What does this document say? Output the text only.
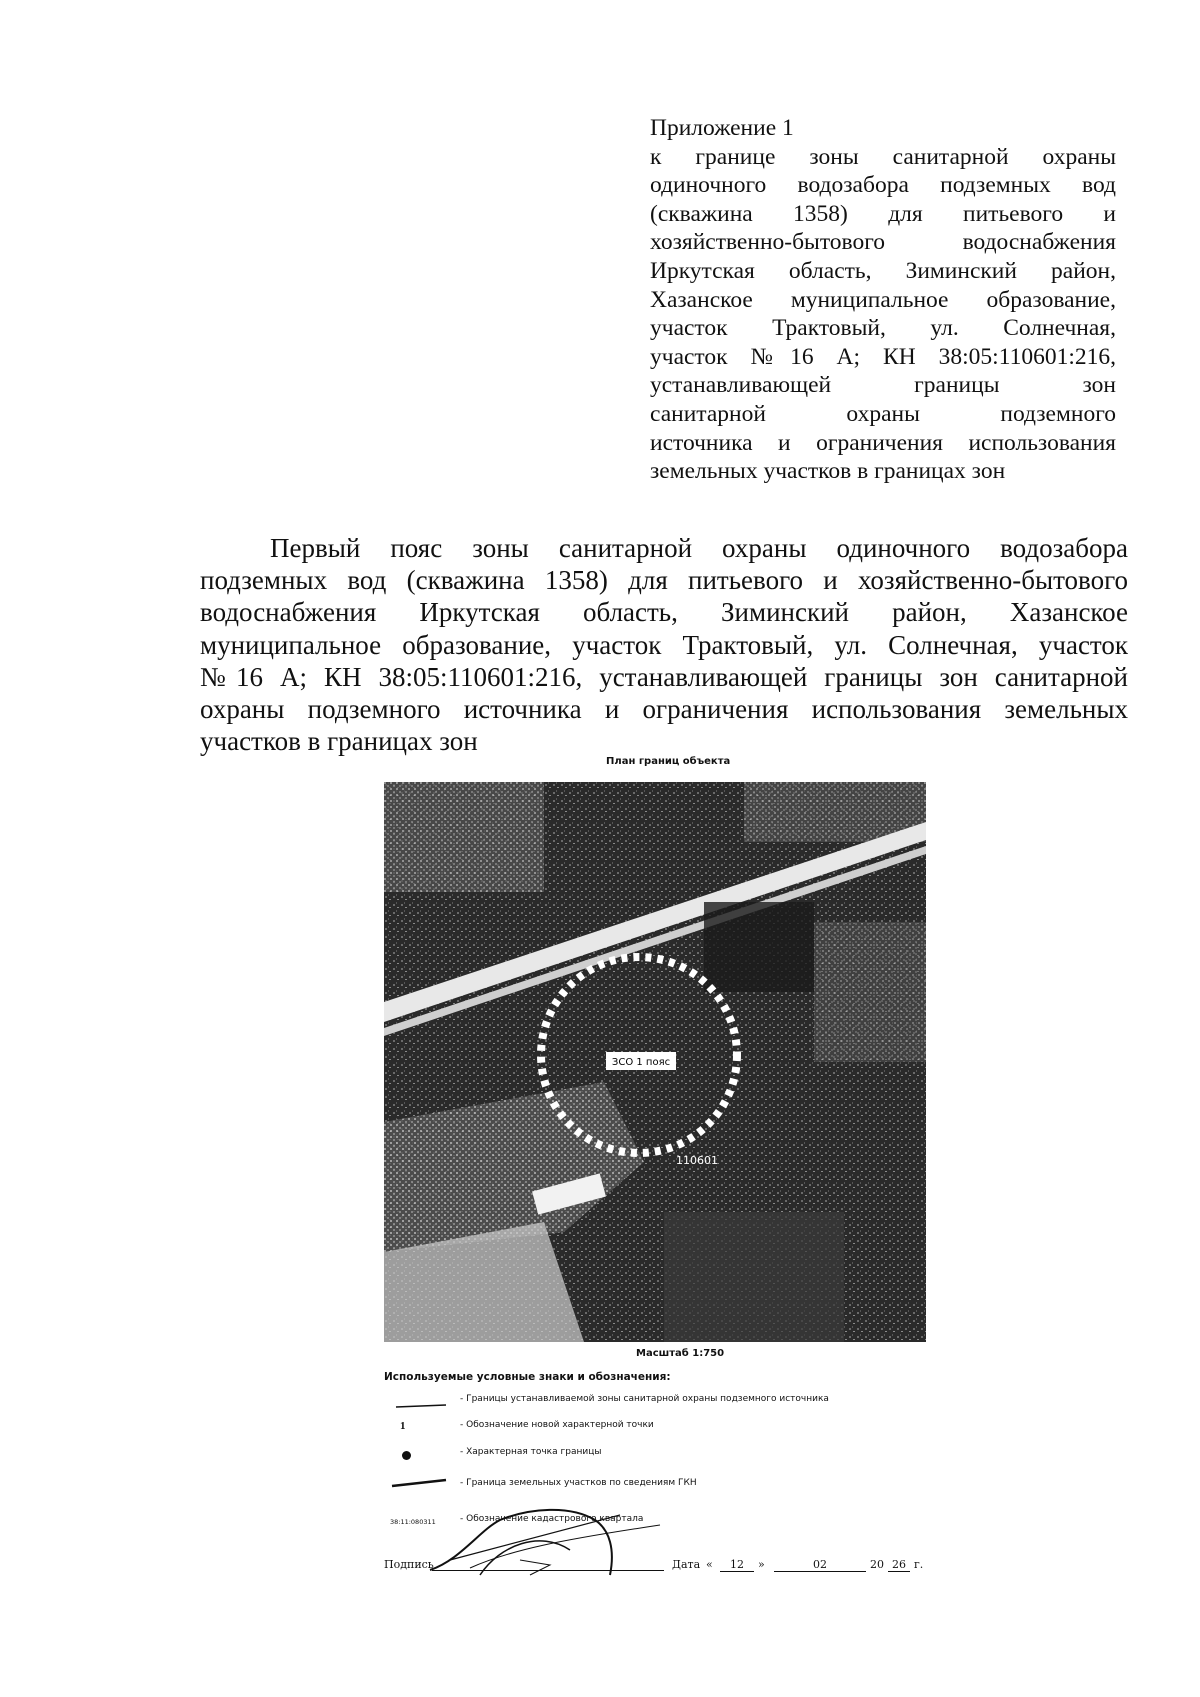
Приложение 1
к границе зоны санитарной охраны
одиночного водозабора подземных вод
(скважина 1358) для питьевого и
хозяйственно-бытового водоснабжения
Иркутская область, Зиминский район,
Хазанское муниципальное образование,
участок Трактовый, ул. Солнечная,
участок №16 А; КН 38:05:110601:216,
устанавливающей границы зон
санитарной охраны подземного
источника и ограничения использования
земельных участков в границах зон
Первый пояс зоны санитарной охраны одиночного водозабора
подземных вод (скважина 1358) для питьевого и хозяйственно-бытового
водоснабжения Иркутская область, Зиминский район, Хазанское
муниципальное образование, участок Трактовый, ул. Солнечная, участок
№16 А; КН 38:05:110601:216, устанавливающей границы зон санитарной
охраны подземного источника и ограничения использования земельных
участков в границах зон
План границ объекта
ЗСО 1 пояс
110601
Масштаб 1:750
Используемые условные знаки и обозначения:
- Границы устанавливаемой зоны санитарной охраны подземного источника
1	- Обозначение новой характерной точки
- Характерная точка границы
- Граница земельных участков по сведениям ГКН
38:11:080311	- Обозначение кадастрового квартала
Подпись	Дата «	12	»	02	20 26 г.
